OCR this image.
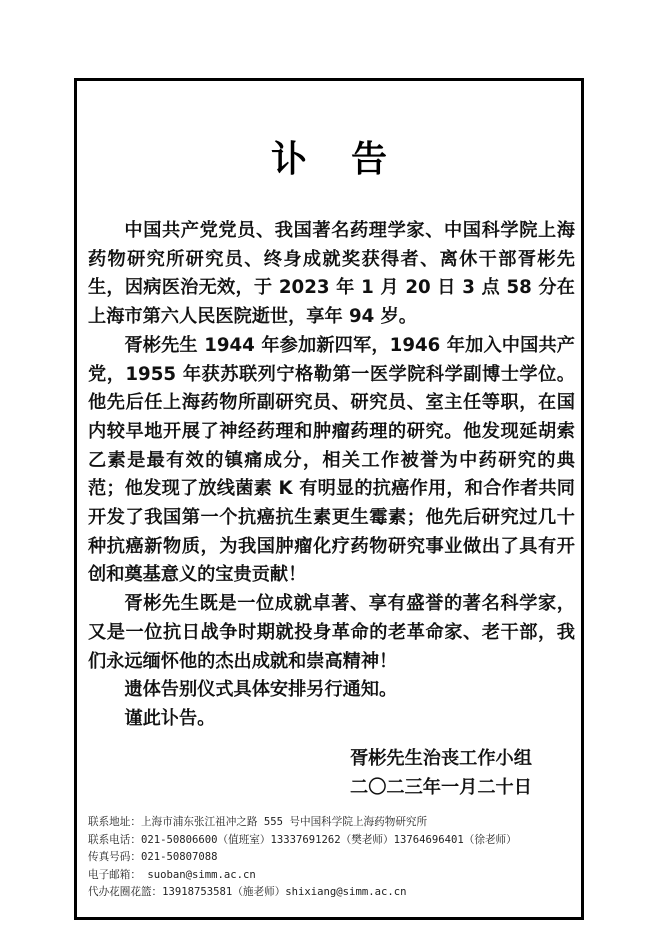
讣告

中国共产党党员、我国著名药理学家、中国科学院上海药物研究所研究员、终身成就奖获得者、离休干部胥彬先生，因病医治无效，于 2023 年 1 月 20 日 3 点 58 分在上海市第六人民医院逝世，享年 94 岁。

胥彬先生 1944 年参加新四军，1946 年加入中国共产党，1955 年获苏联列宁格勒第一医学院科学副博士学位。他先后任上海药物所副研究员、研究员、室主任等职，在国内较早地开展了神经药理和肿瘤药理的研究。他发现延胡索乙素是最有效的镇痛成分，相关工作被誉为中药研究的典范；他发现了放线菌素 K 有明显的抗癌作用，和合作者共同开发了我国第一个抗癌抗生素更生霉素；他先后研究过几十种抗癌新物质，为我国肿瘤化疗药物研究事业做出了具有开创和奠基意义的宝贵贡献！

胥彬先生既是一位成就卓著、享有盛誉的著名科学家，又是一位抗日战争时期就投身革命的老革命家、老干部，我们永远缅怀他的杰出成就和崇高精神！

遗体告别仪式具体安排另行通知。

谨此讣告。

胥彬先生治丧工作小组
二〇二三年一月二十日
联系地址：上海市浦东张江祖冲之路 555 号中国科学院上海药物研究所
联系电话：021-50806600（值班室）13337691262（樊老师）13764696401（徐老师）
传真号码：021-50807088
电子邮箱： suoban@simm.ac.cn
代办花圈花篮：13918753581（施老师）shixiang@simm.ac.cn
